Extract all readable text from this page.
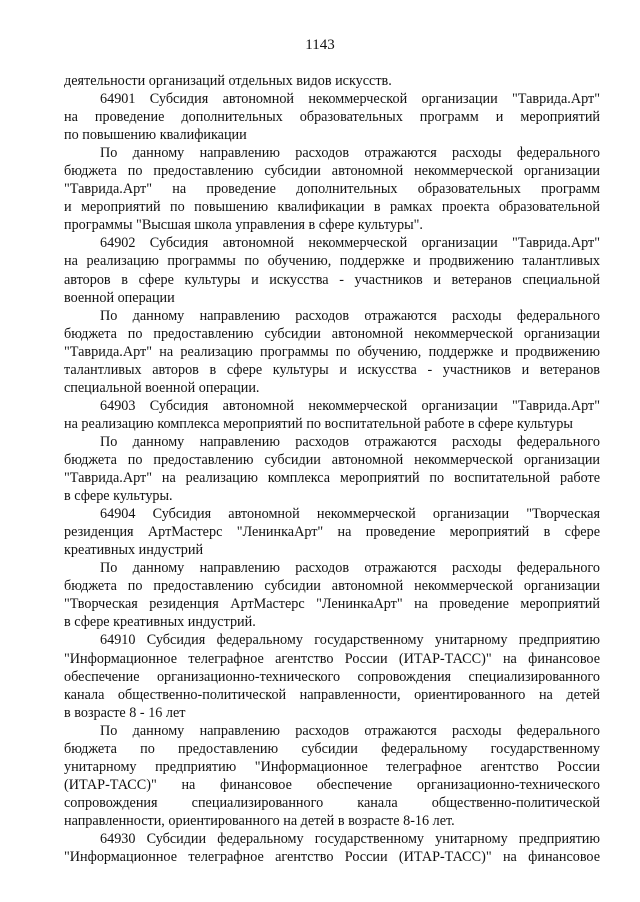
1143
деятельности организаций отдельных видов искусств.
64901 Субсидия автономной некоммерческой организации "Таврида.Арт"
на проведение дополнительных образовательных программ и мероприятий
по повышению квалификации
По данному направлению расходов отражаются расходы федерального
бюджета по предоставлению субсидии автономной некоммерческой организации
"Таврида.Арт" на проведение дополнительных образовательных программ
и мероприятий по повышению квалификации в рамках проекта образовательной
программы "Высшая школа управления в сфере культуры".
64902 Субсидия автономной некоммерческой организации "Таврида.Арт"
на реализацию программы по обучению, поддержке и продвижению талантливых
авторов в сфере культуры и искусства - участников и ветеранов специальной
военной операции
По данному направлению расходов отражаются расходы федерального
бюджета по предоставлению субсидии автономной некоммерческой организации
"Таврида.Арт" на реализацию программы по обучению, поддержке и продвижению
талантливых авторов в сфере культуры и искусства - участников и ветеранов
специальной военной операции.
64903 Субсидия автономной некоммерческой организации "Таврида.Арт"
на реализацию комплекса мероприятий по воспитательной работе в сфере культуры
По данному направлению расходов отражаются расходы федерального
бюджета по предоставлению субсидии автономной некоммерческой организации
"Таврида.Арт" на реализацию комплекса мероприятий по воспитательной работе
в сфере культуры.
64904 Субсидия автономной некоммерческой организации "Творческая
резиденция АртМастерс "ЛенинкаАрт" на проведение мероприятий в сфере
креативных индустрий
По данному направлению расходов отражаются расходы федерального
бюджета по предоставлению субсидии автономной некоммерческой организации
"Творческая резиденция АртМастерс "ЛенинкаАрт" на проведение мероприятий
в сфере креативных индустрий.
64910 Субсидия федеральному государственному унитарному предприятию
"Информационное телеграфное агентство России (ИТАР-ТАСС)" на финансовое
обеспечение организационно-технического сопровождения специализированного
канала общественно-политической направленности, ориентированного на детей
в возрасте 8 - 16 лет
По данному направлению расходов отражаются расходы федерального
бюджета по предоставлению субсидии федеральному государственному
унитарному предприятию "Информационное телеграфное агентство России
(ИТАР-ТАСС)" на финансовое обеспечение организационно-технического
сопровождения специализированного канала общественно-политической
направленности, ориентированного на детей в возрасте 8-16 лет.
64930 Субсидии федеральному государственному унитарному предприятию
"Информационное телеграфное агентство России (ИТАР-ТАСС)" на финансовое
